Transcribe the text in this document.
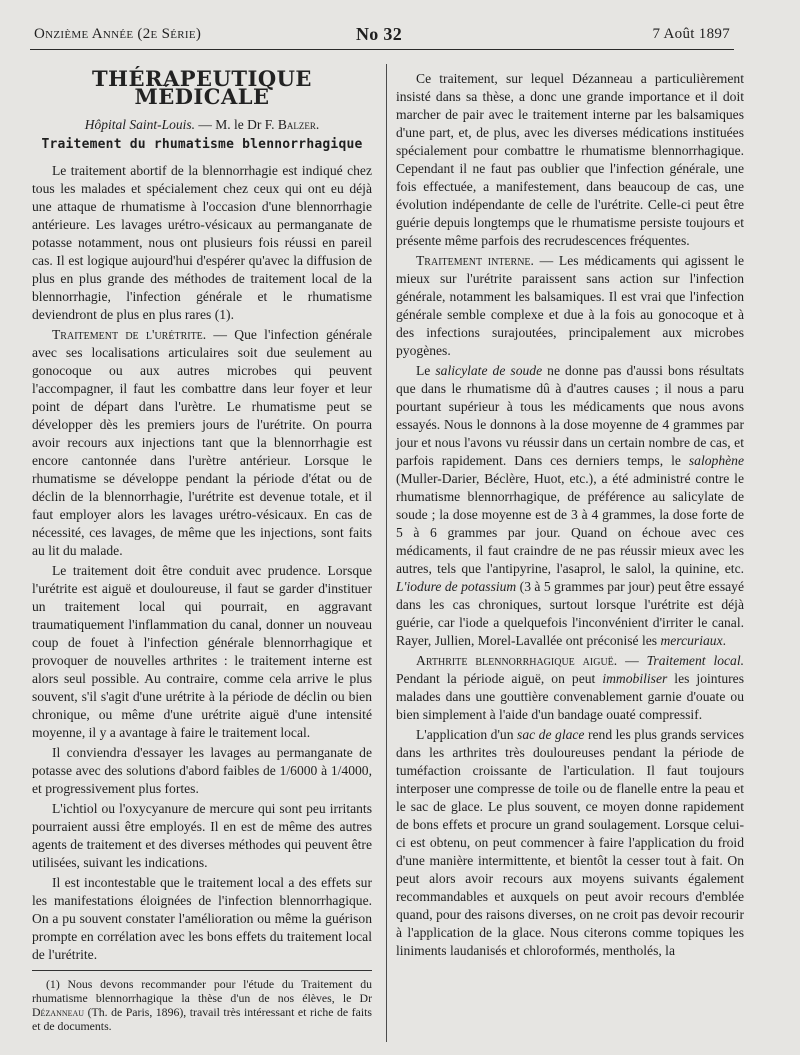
Onzième Année (2e Série)	No 32	7 Août 1897
THÉRAPEUTIQUE MÉDICALE
Hôpital Saint-Louis. — M. le Dr F. Balzer.
Traitement du rhumatisme blennorrhagique

Le traitement abortif de la blennorrhagie est indiqué chez tous les malades et spécialement chez ceux qui ont eu déjà une attaque de rhumatisme à l'occasion d'une blennorrhagie antérieure. Les lavages urétro-vésicaux au permanganate de potasse notamment, nous ont plusieurs fois réussi en pareil cas. Il est logique aujourd'hui d'espérer qu'avec la diffusion de plus en plus grande des méthodes de traitement local de la blennorrhagie, l'infection générale et le rhumatisme deviendront de plus en plus rares (1).

Traitement de l'urétrite. — Que l'infection générale avec ses localisations articulaires soit due seulement au gonocoque ou aux autres microbes qui peuvent l'accompagner, il faut les combattre dans leur foyer et leur point de départ dans l'urètre. Le rhumatisme peut se développer dès les premiers jours de l'urétrite. On pourra avoir recours aux injections tant que la blennorrhagie est encore cantonnée dans l'urètre antérieur. Lorsque le rhumatisme se développe pendant la période d'état ou de déclin de la blennorrhagie, l'urétrite est devenue totale, et il faut employer alors les lavages urétro-vésicaux. En cas de nécessité, ces lavages, de même que les injections, sont faits au lit du malade.

Le traitement doit être conduit avec prudence. Lorsque l'urétrite est aiguë et douloureuse, il faut se garder d'instituer un traitement local qui pourrait, en aggravant traumatiquement l'inflammation du canal, donner un nouveau coup de fouet à l'infection générale blennorrhagique et provoquer de nouvelles arthrites : le traitement interne est alors seul possible. Au contraire, comme cela arrive le plus souvent, s'il s'agit d'une urétrite à la période de déclin ou bien chronique, ou même d'une urétrite aiguë d'une intensité moyenne, il y a avantage à faire le traitement local.

Il conviendra d'essayer les lavages au permanganate de potasse avec des solutions d'abord faibles de 1/6000 à 1/4000, et progressivement plus fortes.

L'ichtiol ou l'oxycyanure de mercure qui sont peu irritants pourraient aussi être employés. Il en est de même des autres agents de traitement et des diverses méthodes qui peuvent être utilisées, suivant les indications.

Il est incontestable que le traitement local a des effets sur les manifestations éloignées de l'infection blennorrhagique. On a pu souvent constater l'amélioration ou même la guérison prompte en corrélation avec les bons effets du traitement local de l'urétrite.

(1) Nous devons recommander pour l'étude du Traitement du rhumatisme blennorrhagique la thèse d'un de nos élèves, le Dr Dézanneau (Th. de Paris, 1896), travail très intéressant et riche de faits et de documents.

Ce traitement, sur lequel Dézanneau a particulièrement insisté dans sa thèse, a donc une grande importance et il doit marcher de pair avec le traitement interne par les balsamiques d'une part, et, de plus, avec les diverses médications instituées spécialement pour combattre le rhumatisme blennorrhagique. Cependant il ne faut pas oublier que l'infection générale, une fois effectuée, a manifestement, dans beaucoup de cas, une évolution indépendante de celle de l'urétrite. Celle-ci peut être guérie depuis longtemps que le rhumatisme persiste toujours et présente même parfois des recrudescences fréquentes.

Traitement interne. — Les médicaments qui agissent le mieux sur l'urétrite paraissent sans action sur l'infection générale, notamment les balsamiques. Il est vrai que l'infection générale semble complexe et due à la fois au gonocoque et à des infections surajoutées, principalement aux microbes pyogènes.

Le salicylate de soude ne donne pas d'aussi bons résultats que dans le rhumatisme dû à d'autres causes ; il nous a paru pourtant supérieur à tous les médicaments que nous avons essayés. Nous le donnons à la dose moyenne de 4 grammes par jour et nous l'avons vu réussir dans un certain nombre de cas, et parfois rapidement. Dans ces derniers temps, le salophène (Muller-Darier, Béclère, Huot, etc.), a été administré contre le rhumatisme blennorrhagique, de préférence au salicylate de soude ; la dose moyenne est de 3 à 4 grammes, la dose forte de 5 à 6 grammes par jour. Quand on échoue avec ces médicaments, il faut craindre de ne pas réussir mieux avec les autres, tels que l'antipyrine, l'asaprol, le salol, la quinine, etc. L'iodure de potassium (3 à 5 grammes par jour) peut être essayé dans les cas chroniques, surtout lorsque l'urétrite est déjà guérie, car l'iode a quelquefois l'inconvénient d'irriter le canal. Rayer, Jullien, Morel-Lavallée ont préconisé les mercuriaux.

Arthrite blennorrhagique aiguë. — Traitement local. Pendant la période aiguë, on peut immobiliser les jointures malades dans une gouttière convenablement garnie d'ouate ou bien simplement à l'aide d'un bandage ouaté compressif.

L'application d'un sac de glace rend les plus grands services dans les arthrites très douloureuses pendant la période de tuméfaction croissante de l'articulation. Il faut toujours interposer une compresse de toile ou de flanelle entre la peau et le sac de glace. Le plus souvent, ce moyen donne rapidement de bons effets et procure un grand soulagement. Lorsque celui-ci est obtenu, on peut commencer à faire l'application du froid d'une manière intermittente, et bientôt la cesser tout à fait. On peut alors avoir recours aux moyens suivants également recommandables et auxquels on peut avoir recours d'emblée quand, pour des raisons diverses, on ne croit pas devoir recourir à l'application de la glace. Nous citerons comme topiques les liniments laudanisés et chloroformés, mentholés, la
